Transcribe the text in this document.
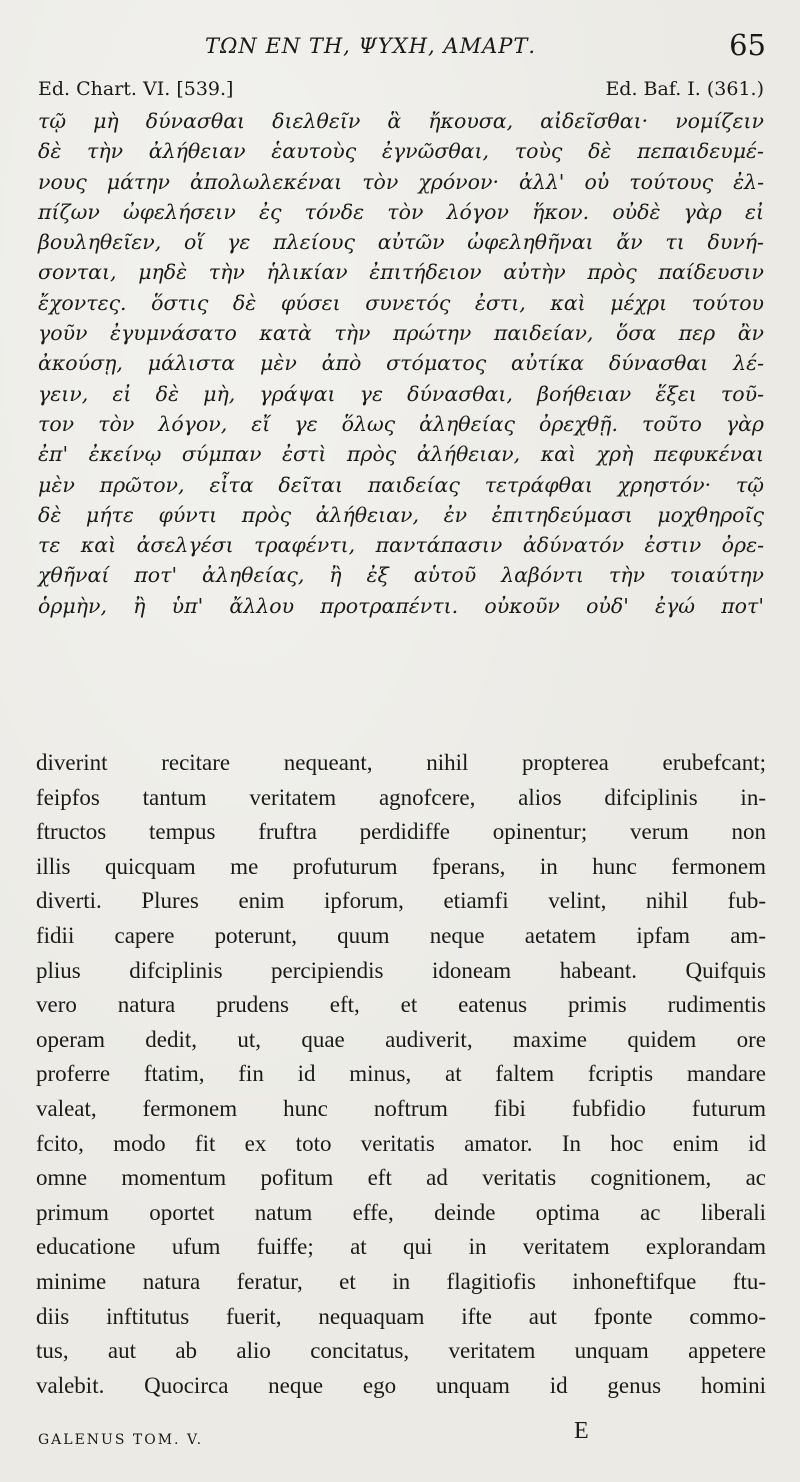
ΤΩΝ ΕΝ ΤΗ, ΨΥΧΗ, ΑΜΑΡΤ.	65
Ed. Chart. VI. [539.]	Ed. Baf. I. (361.)
τῷ μὴ δύνασθαι διελθεῖν ἃ ἤκουσα, αἰδεῖσθαι· νομίζειν
δὲ τὴν ἀλήθειαν ἑαυτοὺς ἐγνῶσθαι, τοὺς δὲ πεπαιδευμέ-
νους μάτην ἀπολωλεκέναι τὸν χρόνον· ἀλλ' οὐ τούτους ἐλ-
πίζων ὠφελήσειν ἐς τόνδε τὸν λόγον ἥκον. οὐδὲ γὰρ εἰ
βουληθεῖεν, οἵ γε πλείους αὐτῶν ὠφεληθῆναι ἄν τι δυνή-
σονται, μηδὲ τὴν ἡλικίαν ἐπιτήδειον αὐτὴν πρὸς παίδευσιν
ἔχοντες. ὅστις δὲ φύσει συνετός ἐστι, καὶ μέχρι τούτου
γοῦν ἐγυμνάσατο κατὰ τὴν πρώτην παιδείαν, ὅσα περ ἂν
ἀκούσῃ, μάλιστα μὲν ἀπὸ στόματος αὐτίκα δύνασθαι λέ-
γειν, εἰ δὲ μὴ, γράψαι γε δύνασθαι, βοήθειαν ἕξει τοῦ-
τον τὸν λόγον, εἴ γε ὅλως ἀληθείας ὀρεχθῇ. τοῦτο γὰρ
ἐπ' ἐκείνῳ σύμπαν ἐστὶ πρὸς ἀλήθειαν, καὶ χρὴ πεφυκέναι
μὲν πρῶτον, εἶτα δεῖται παιδείας τετράφθαι χρηστόν· τῷ
δὲ μήτε φύντι πρὸς ἀλήθειαν, ἐν ἐπιτηδεύμασι μοχθηροῖς
τε καὶ ἀσελγέσι τραφέντι, παντάπασιν ἀδύνατόν ἐστιν ὀρε-
χθῆναί ποτ' ἀληθείας, ἢ ἐξ αὑτοῦ λαβόντι τὴν τοιαύτην
ὁρμὴν, ἢ ὑπ' ἄλλου προτραπέντι. οὐκοῦν οὐδ' ἐγώ ποτ'
diverint recitare nequeant, nihil propterea erubefcant;
feipfos tantum veritatem agnofcere, alios difciplinis in-
ftructos tempus fruftra perdidiffe opinentur; verum non
illis quicquam me profuturum fperans, in hunc fermonem
diverti. Plures enim ipforum, etiamfi velint, nihil fub-
fidii capere poterunt, quum neque aetatem ipfam am-
plius difciplinis percipiendis idoneam habeant. Quifquis
vero natura prudens eft, et eatenus primis rudimentis
operam dedit, ut, quae audiverit, maxime quidem ore
proferre ftatim, fin id minus, at faltem fcriptis mandare
valeat, fermonem hunc noftrum fibi fubfidio futurum
fcito, modo fit ex toto veritatis amator. In hoc enim id
omne momentum pofitum eft ad veritatis cognitionem, ac
primum oportet natum effe, deinde optima ac liberali
educatione ufum fuiffe; at qui in veritatem explorandam
minime natura feratur, et in flagitiofis inhoneftifque ftu-
diis inftitutus fuerit, nequaquam ifte aut fponte commo-
tus, aut ab alio concitatus, veritatem unquam appetere
valebit. Quocirca neque ego unquam id genus homini
GALENUS TOM. V.	E
